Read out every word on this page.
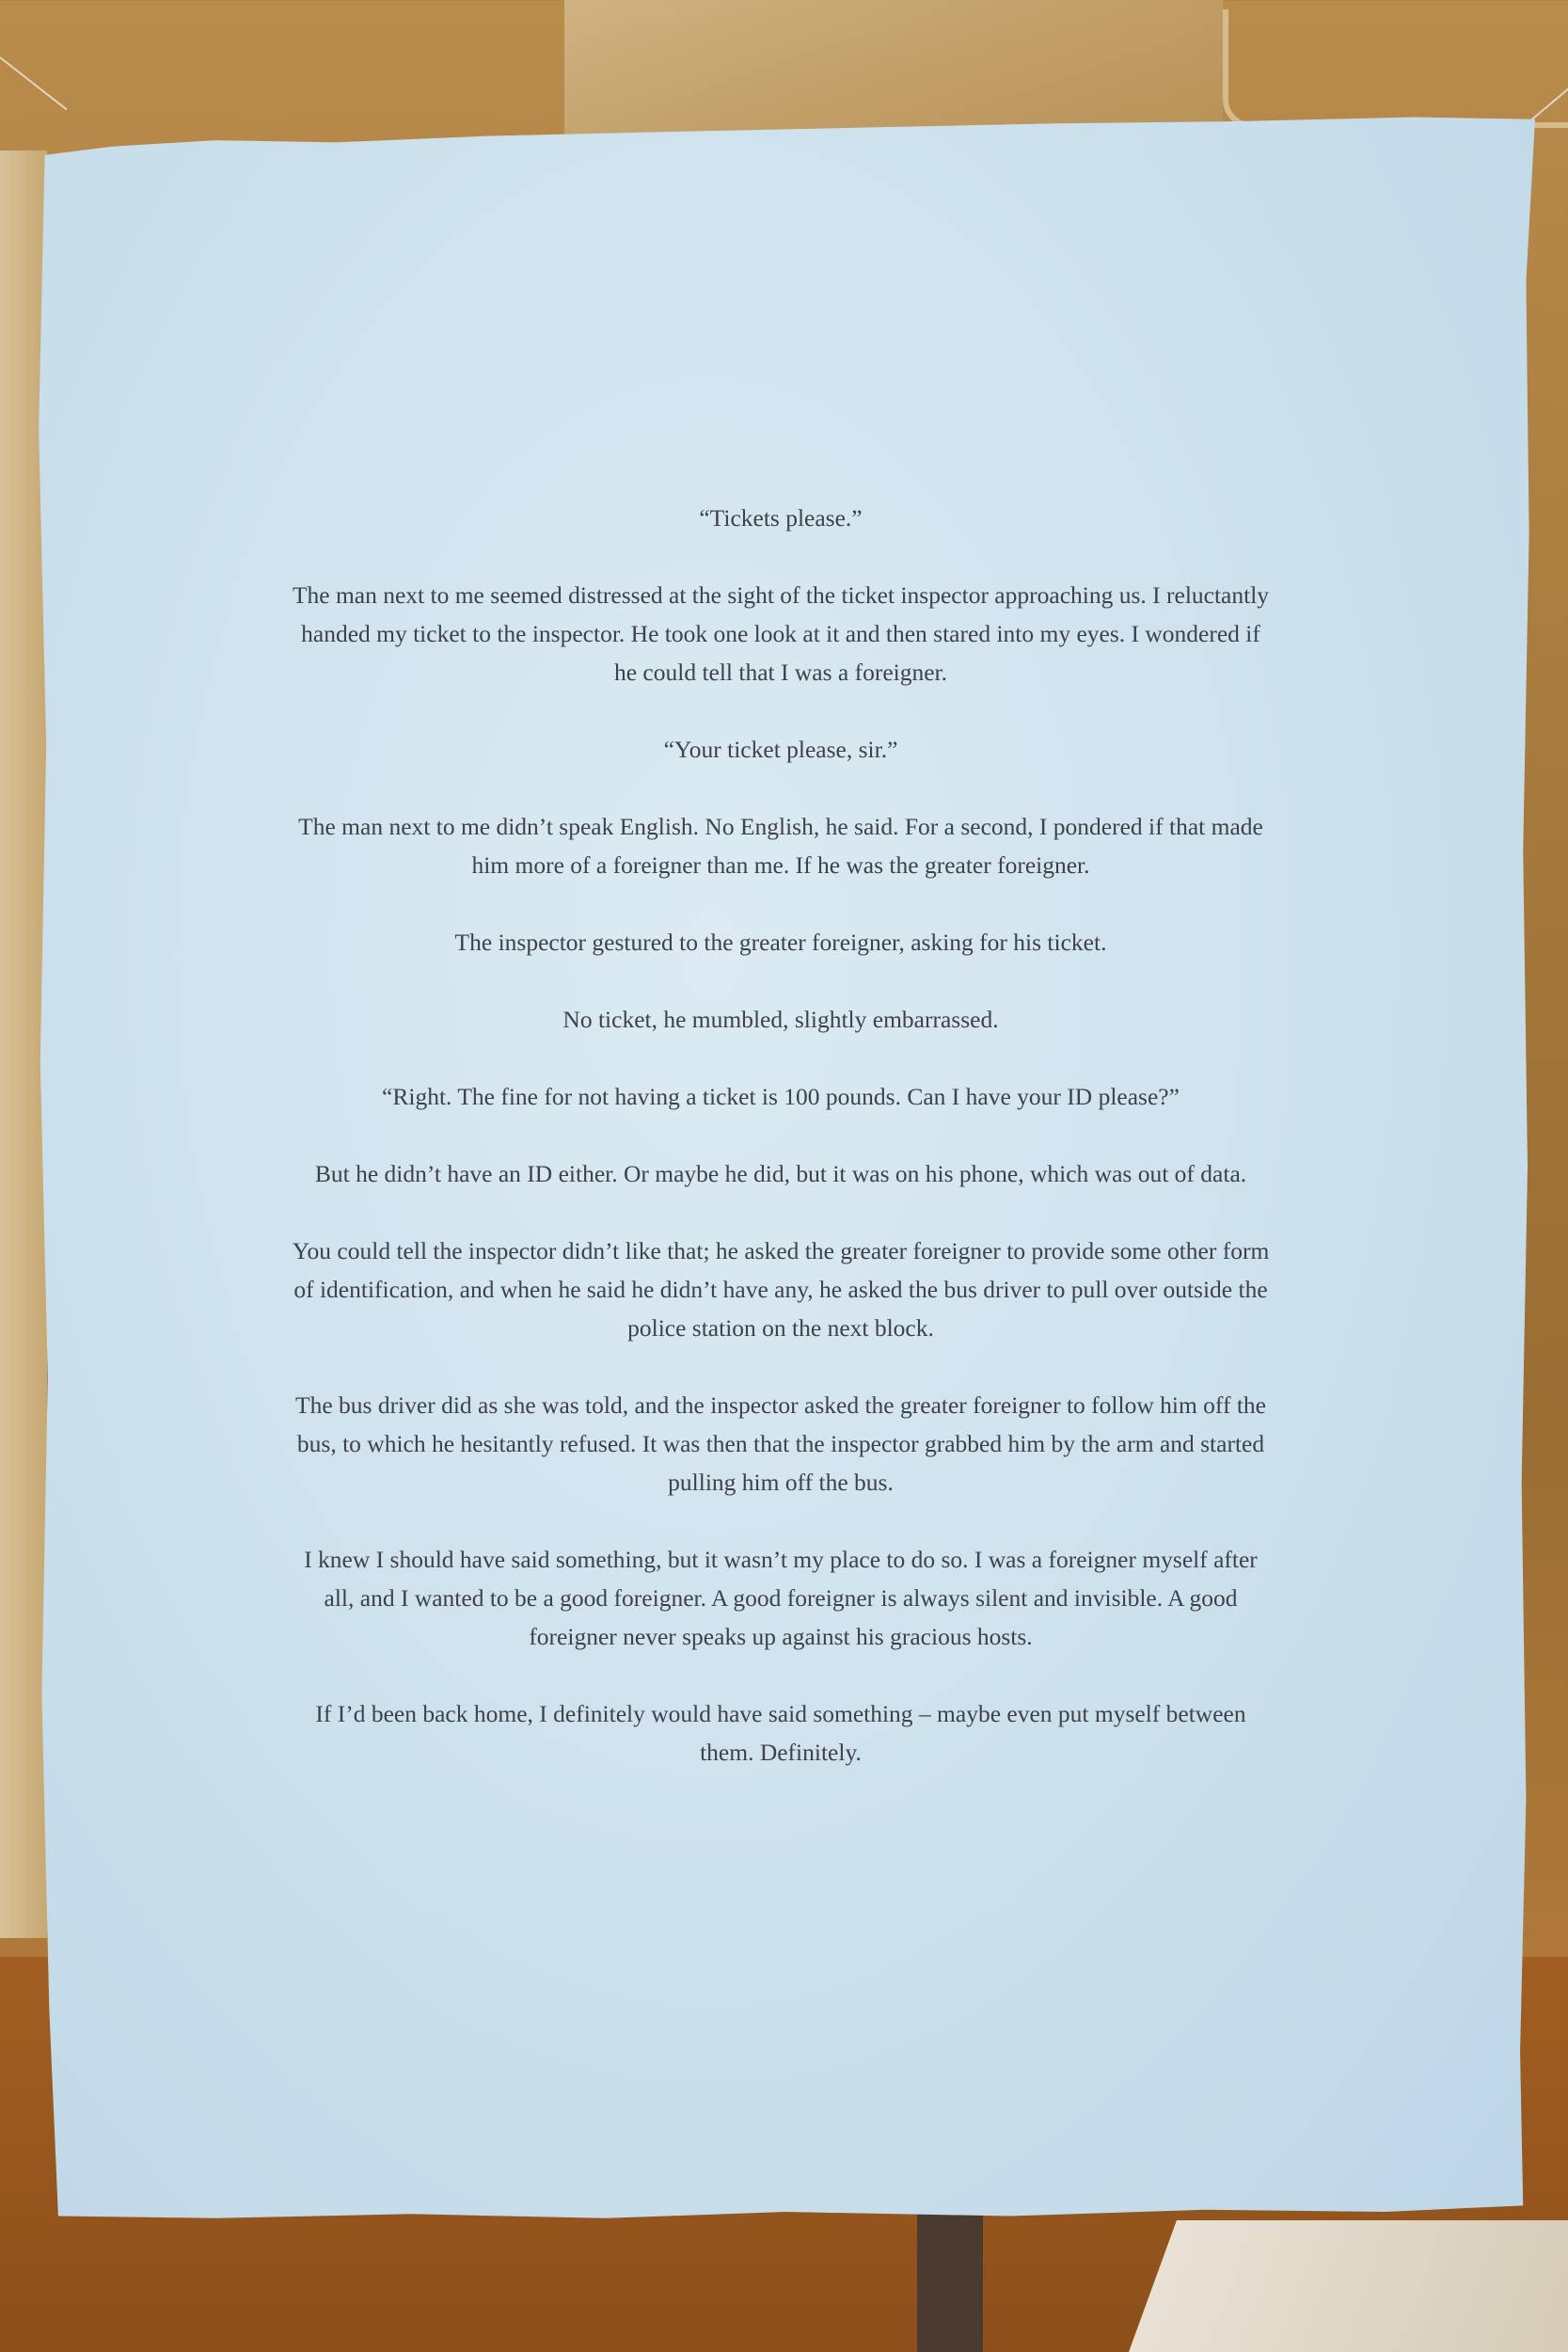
“Tickets please.”

The man next to me seemed distressed at the sight of the ticket inspector approaching us. I reluctantly handed my ticket to the inspector. He took one look at it and then stared into my eyes. I wondered if he could tell that I was a foreigner.

“Your ticket please, sir.”

The man next to me didn’t speak English. No English, he said. For a second, I pondered if that made him more of a foreigner than me. If he was the greater foreigner.

The inspector gestured to the greater foreigner, asking for his ticket.

No ticket, he mumbled, slightly embarrassed.

“Right. The fine for not having a ticket is 100 pounds. Can I have your ID please?”

But he didn’t have an ID either. Or maybe he did, but it was on his phone, which was out of data.

You could tell the inspector didn’t like that; he asked the greater foreigner to provide some other form of identification, and when he said he didn’t have any, he asked the bus driver to pull over outside the police station on the next block.

The bus driver did as she was told, and the inspector asked the greater foreigner to follow him off the bus, to which he hesitantly refused. It was then that the inspector grabbed him by the arm and started pulling him off the bus.

I knew I should have said something, but it wasn’t my place to do so. I was a foreigner myself after all, and I wanted to be a good foreigner. A good foreigner is always silent and invisible. A good foreigner never speaks up against his gracious hosts.

If I’d been back home, I definitely would have said something – maybe even put myself between them. Definitely.
